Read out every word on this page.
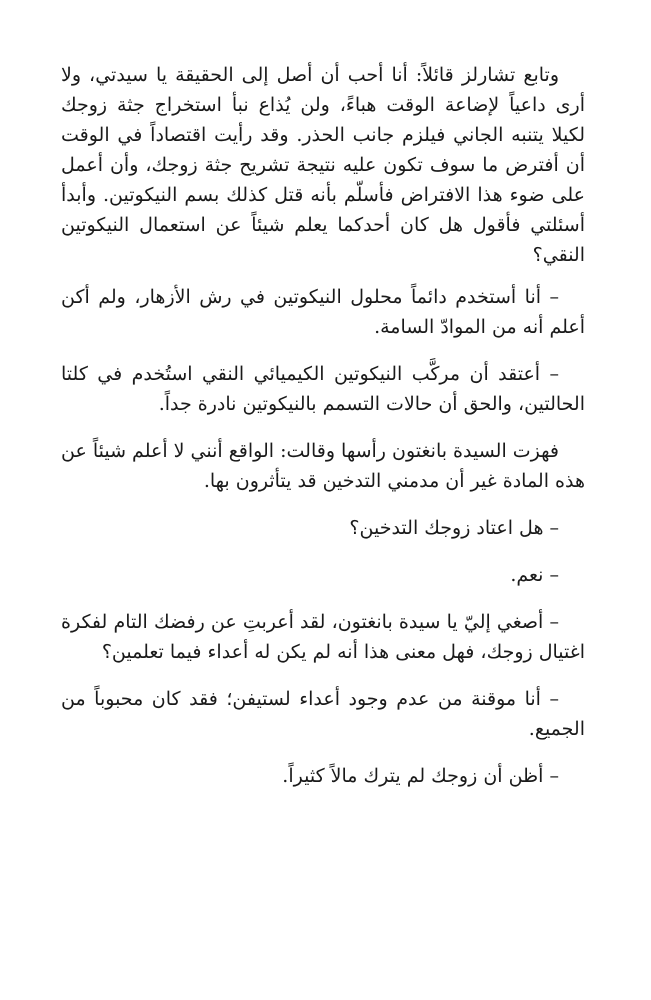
وتابع تشارلز قائلاً: أنا أحب أن أصل إلى الحقيقة يا سيدتي، ولا أرى داعياً لإضاعة الوقت هباءً، ولن يُذاع نبأ استخراج جثة زوجك لكيلا يتنبه الجاني فيلزم جانب الحذر. وقد رأيت اقتصاداً في الوقت أن أفترض ما سوف تكون عليه نتيجة تشريح جثة زوجك، وأن أعمل على ضوء هذا الافتراض فأسلّم بأنه قتل كذلك بسم النيكوتين. وأبدأ أسئلتي فأقول هل كان أحدكما يعلم شيئاً عن استعمال النيكوتين النقي؟

– أنا أستخدم دائماً محلول النيكوتين في رش الأزهار، ولم أكن أعلم أنه من الموادّ السامة.

– أعتقد أن مركَّب النيكوتين الكيميائي النقي استُخدم في كلتا الحالتين، والحق أن حالات التسمم بالنيكوتين نادرة جداً.

فهزت السيدة بانغتون رأسها وقالت: الواقع أنني لا أعلم شيئاً عن هذه المادة غير أن مدمني التدخين قد يتأثرون بها.

– هل اعتاد زوجك التدخين؟

– نعم.

– أصغي إليّ يا سيدة بانغتون، لقد أعربتِ عن رفضك التام لفكرة اغتيال زوجك، فهل معنى هذا أنه لم يكن له أعداء فيما تعلمين؟

– أنا موقنة من عدم وجود أعداء لستيفن؛ فقد كان محبوباً من الجميع.

– أظن أن زوجك لم يترك مالاً كثيراً.
